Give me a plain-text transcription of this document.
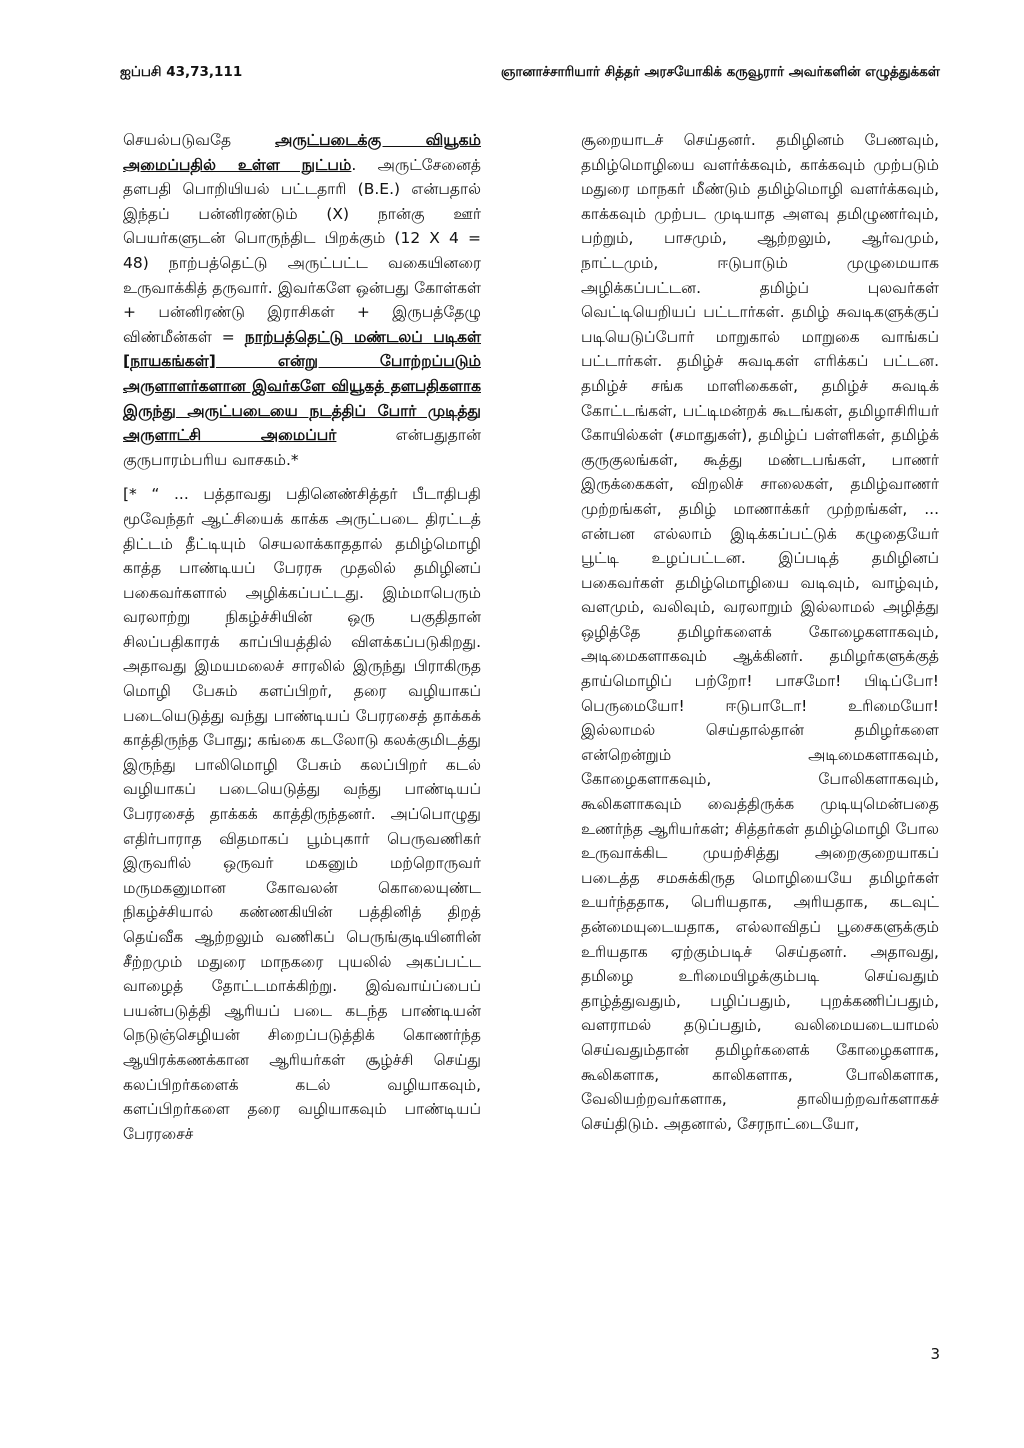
ஐப்பசி 43,73,111	ஞானாச்சாரியார் சித்தர் அரசயோகிக் கருவூரார் அவர்களின் எழுத்துக்கள்

செயல்படுவதே அருட்படைக்கு வியூகம் அமைப்பதில் உள்ள நுட்பம். அருட்சேனைத் தளபதி பொறியியல் பட்டதாரி (B.E.) என்பதால் இந்தப் பன்னிரண்டும் (X) நான்கு ஊர் பெயர்களுடன் பொருந்திட பிறக்கும் (12 X 4 = 48) நாற்பத்தெட்டு அருட்பட்ட வகையினரை உருவாக்கித் தருவார். இவர்களே ஒன்பது கோள்கள் + பன்னிரண்டு இராசிகள் + இருபத்தேழு விண்மீன்கள் = நாற்பத்தெட்டு மண்டலப் படிகள் [நாயகங்கள்] என்று போற்றப்படும் அருளாளர்களான இவர்களே வியூகத் தளபதிகளாக இருந்து அருட்படையை நடத்திப் போர் முடித்து அருளாட்சி அமைப்பர் என்பதுதான் குருபாரம்பரிய வாசகம்.*

[* “ ... பத்தாவது பதினெண்சித்தர் பீடாதிபதி மூவேந்தர் ஆட்சியைக் காக்க அருட்படை திரட்டத் திட்டம் தீட்டியும் செயலாக்காததால் தமிழ்மொழி காத்த பாண்டியப் பேரரசு முதலில் தமிழினப் பகைவர்களால் அழிக்கப்பட்டது. இம்மாபெரும் வரலாற்று நிகழ்ச்சியின் ஒரு பகுதிதான் சிலப்பதிகாரக் காப்பியத்தில் விளக்கப்படுகிறது. அதாவது இமயமலைச் சாரலில் இருந்து பிராகிருத மொழி பேசும் களப்பிறர், தரை வழியாகப் படையெடுத்து வந்து பாண்டியப் பேரரசைத் தாக்கக் காத்திருந்த போது; கங்கை கடலோடு கலக்குமிடத்து இருந்து பாலிமொழி பேசும் கலப்பிறர் கடல் வழியாகப் படையெடுத்து வந்து பாண்டியப் பேரரசைத் தாக்கக் காத்திருந்தனர். அப்பொழுது எதிர்பாராத விதமாகப் பூம்புகார் பெருவணிகர் இருவரில் ஒருவர் மகனும் மற்றொருவர் மருமகனுமான கோவலன் கொலையுண்ட நிகழ்ச்சியால் கண்ணகியின் பத்தினித் திறத் தெய்வீக ஆற்றலும் வணிகப் பெருங்குடியினரின் சீற்றமும் மதுரை மாநகரை புயலில் அகப்பட்ட வாழைத் தோட்டமாக்கிற்று. இவ்வாய்ப்பைப் பயன்படுத்தி ஆரியப் படை கடந்த பாண்டியன் நெடுஞ்செழியன் சிறைப்படுத்திக் கொணர்ந்த ஆயிரக்கணக்கான ஆரியர்கள் சூழ்ச்சி செய்து கலப்பிறர்களைக் கடல் வழியாகவும், களப்பிறர்களை தரை வழியாகவும் பாண்டியப் பேரரசைச்

சூறையாடச் செய்தனர். தமிழினம் பேணவும், தமிழ்மொழியை வளர்க்கவும், காக்கவும் முற்படும் மதுரை மாநகர் மீண்டும் தமிழ்மொழி வளர்க்கவும், காக்கவும் முற்பட முடியாத அளவு தமிழுணர்வும், பற்றும், பாசமும், ஆற்றலும், ஆர்வமும், நாட்டமும், ஈடுபாடும் முழுமையாக அழிக்கப்பட்டன. தமிழ்ப் புலவர்கள் வெட்டியெறியப் பட்டார்கள். தமிழ் சுவடிகளுக்குப் படியெடுப்போர் மாறுகால் மாறுகை வாங்கப் பட்டார்கள். தமிழ்ச் சுவடிகள் எரிக்கப் பட்டன. தமிழ்ச் சங்க மாளிகைகள், தமிழ்ச் சுவடிக் கோட்டங்கள், பட்டிமன்றக் கூடங்கள், தமிழாசிரியர் கோயில்கள் (சமாதுகள்), தமிழ்ப் பள்ளிகள், தமிழ்க் குருகுலங்கள், கூத்து மண்டபங்கள், பாணர் இருக்கைகள், விறலிச் சாலைகள், தமிழ்வாணர் முற்றங்கள், தமிழ் மாணாக்கர் முற்றங்கள், ... என்பன எல்லாம் இடிக்கப்பட்டுக் கழுதையேர் பூட்டி உழப்பட்டன. இப்படித் தமிழினப் பகைவர்கள் தமிழ்மொழியை வடிவும், வாழ்வும், வளமும், வலிவும், வரலாறும் இல்லாமல் அழித்து ஒழித்தே தமிழர்களைக் கோழைகளாகவும், அடிமைகளாகவும் ஆக்கினர். தமிழர்களுக்குத் தாய்மொழிப் பற்றோ! பாசமோ! பிடிப்போ! பெருமையோ! ஈடுபாடோ! உரிமையோ! இல்லாமல் செய்தால்தான் தமிழர்களை என்றென்றும் அடிமைகளாகவும், கோழைகளாகவும், போலிகளாகவும், கூலிகளாகவும் வைத்திருக்க முடியுமென்பதை உணர்ந்த ஆரியர்கள்; சித்தர்கள் தமிழ்மொழி போல உருவாக்கிட முயற்சித்து அறைகுறையாகப் படைத்த சமசுக்கிருத மொழியையே தமிழர்கள் உயர்ந்ததாக, பெரியதாக, அரியதாக, கடவுட் தன்மையுடையதாக, எல்லாவிதப் பூசைகளுக்கும் உரியதாக ஏற்கும்படிச் செய்தனர். அதாவது, தமிழை உரிமையிழக்கும்படி செய்வதும் தாழ்த்துவதும், பழிப்பதும், புறக்கணிப்பதும், வளராமல் தடுப்பதும், வலிமையடையாமல் செய்வதும்தான் தமிழர்களைக் கோழைகளாக, கூலிகளாக, காலிகளாக, போலிகளாக, வேலியற்றவர்களாக, தாலியற்றவர்களாகச் செய்திடும். அதனால், சேரநாட்டையோ,

3
